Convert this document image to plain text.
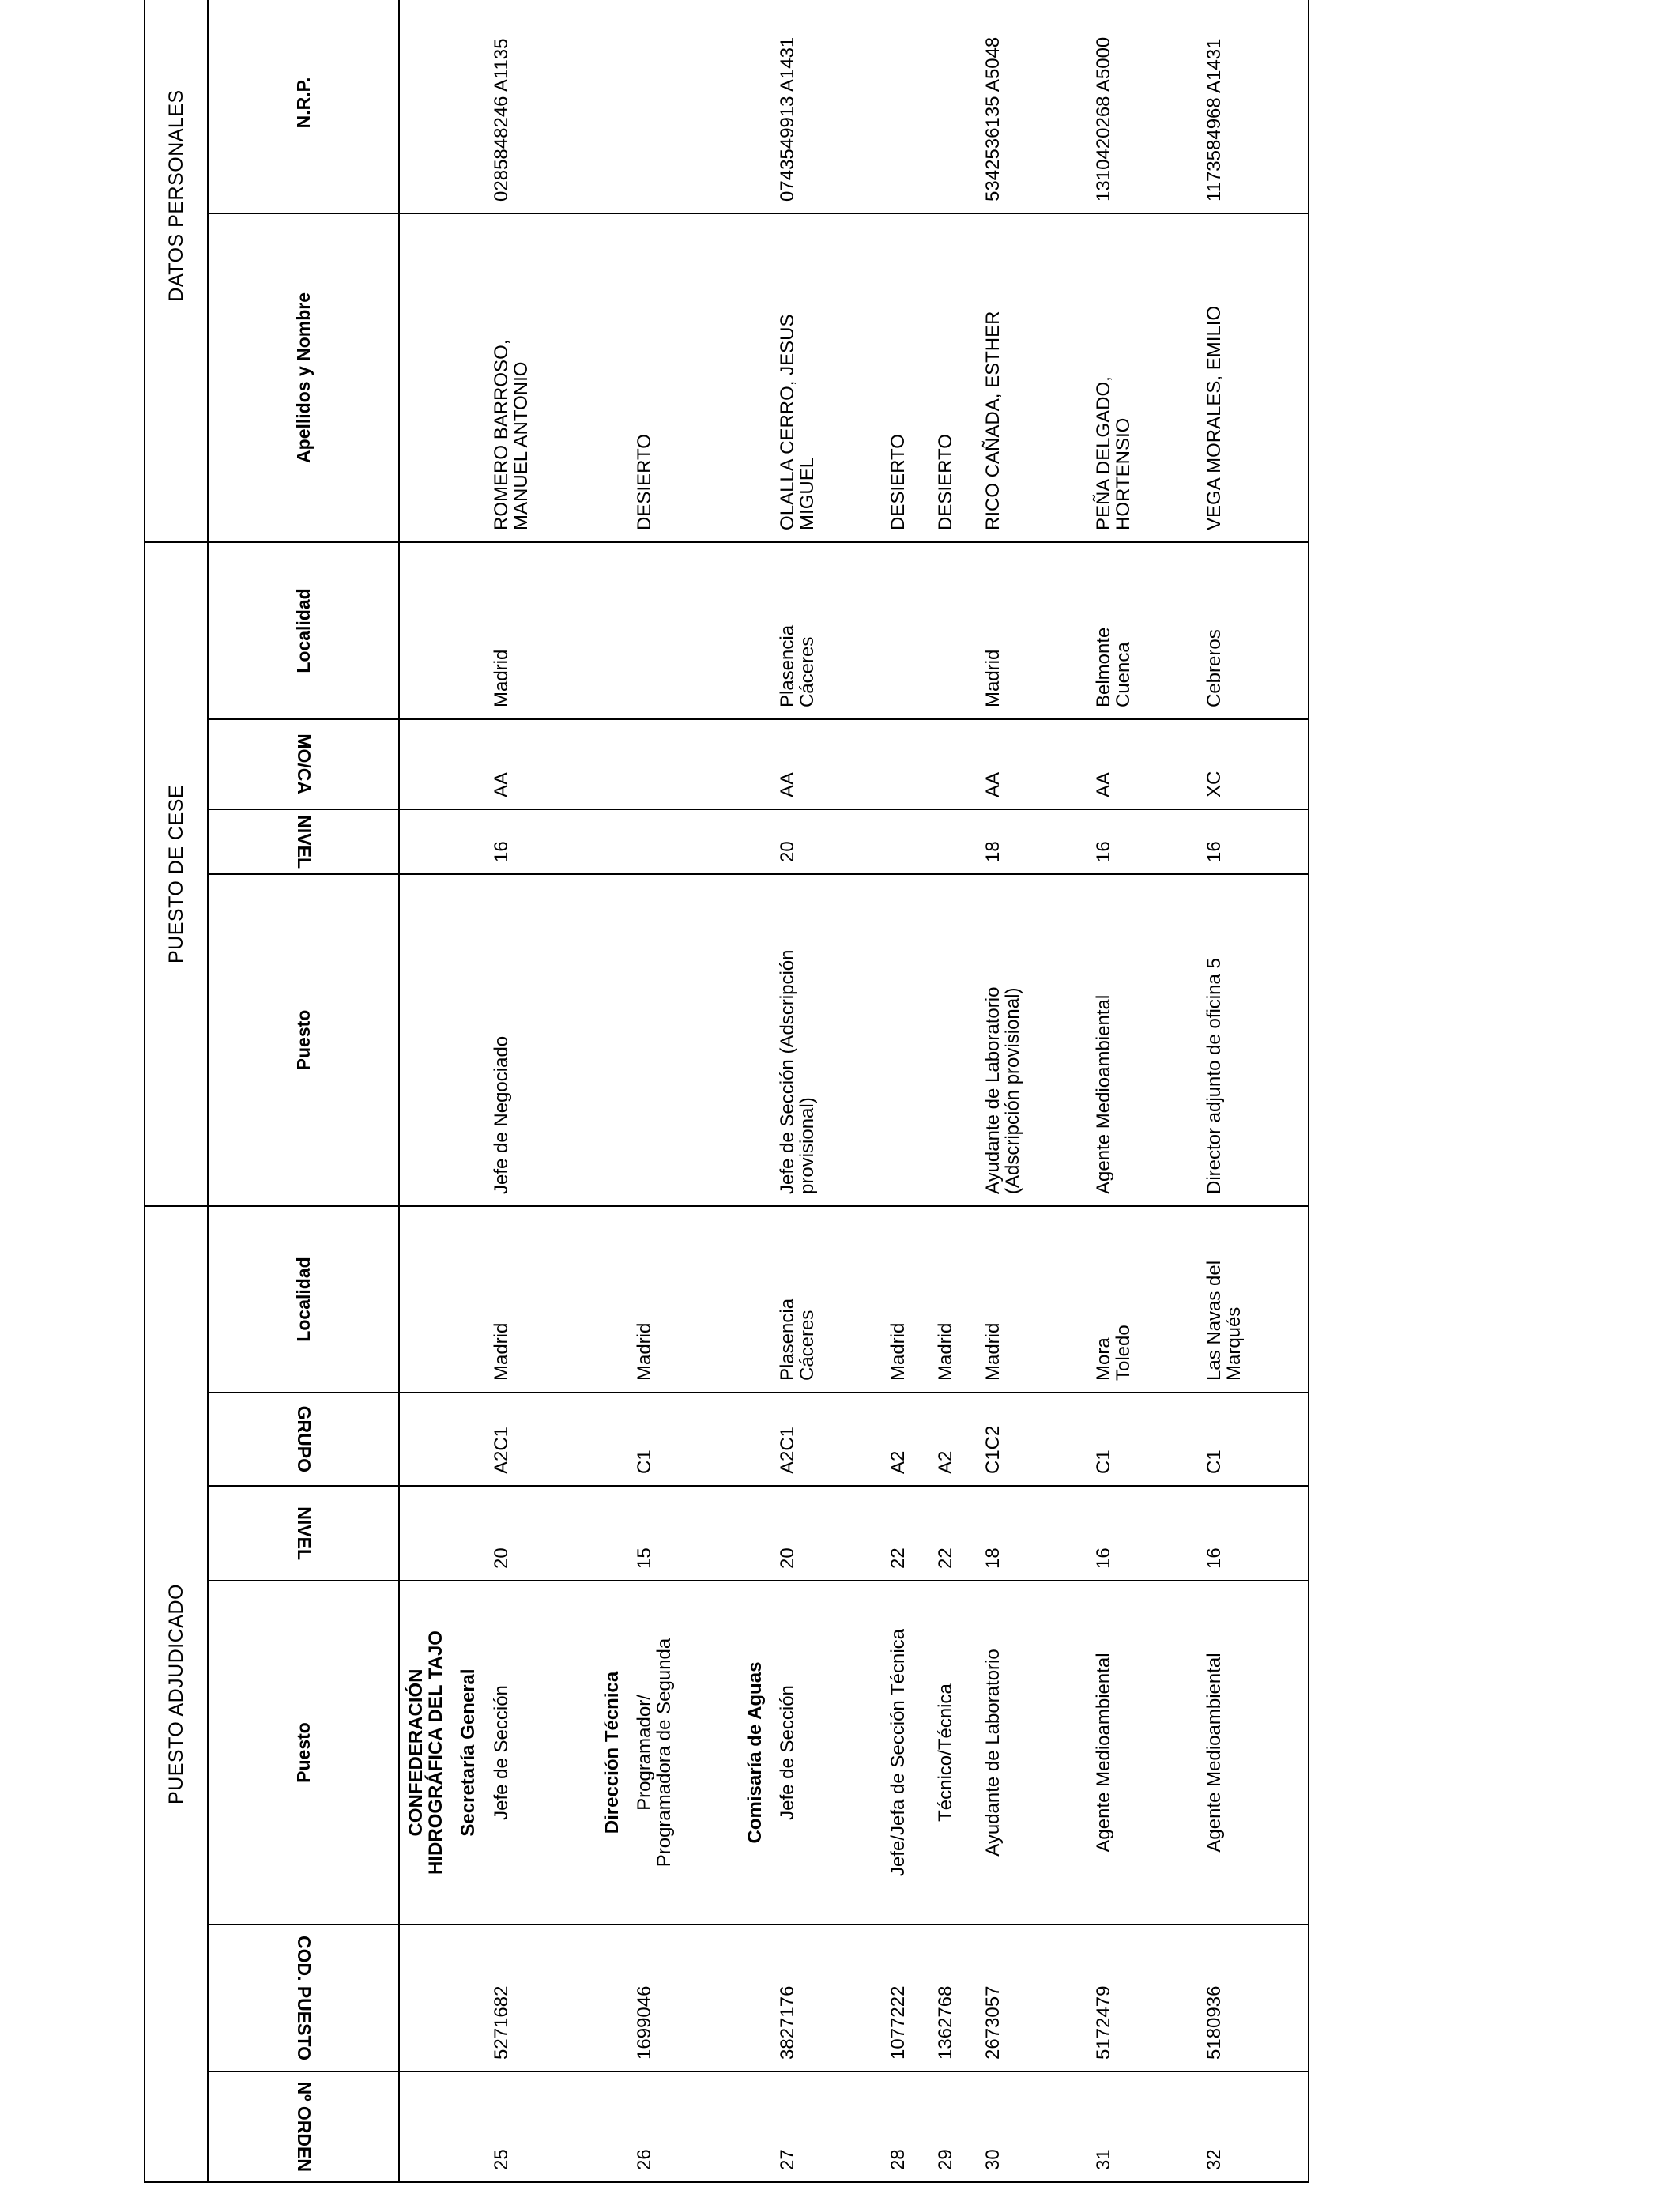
PUESTO ADJUDICADO						PUESTO DE CESE				DATOS PERSONALES			
Nº ORDEN	COD. PUESTO	Puesto	NIVEL	GRUPO	Localidad	Puesto	NIVEL	MO/CA	Localidad	Apellidos y Nombre	N.R.P.		
		CONFEDERACIÓN
HIDROGRÁFICA DEL TAJO											
		Secretaría General											
25	5271682	Jefe de Sección	20	A2C1	Madrid	Jefe de Negociado	16	AA	Madrid	ROMERO BARROSO,
MANUEL ANTONIO	0285848246 A1135		
		Dirección Técnica											
26	1699046	Programador/
Programadora de Segunda	15	C1	Madrid					DESIERTO			
		Comisaría de Aguas											
27	3827176	Jefe de Sección	20	A2C1	Plasencia
Cáceres	Jefe de Sección (Adscripción
provisional)	20	AA	Plasencia
Cáceres	OLALLA CERRO, JESUS
MIGUEL	0743549913 A1431		
28	1077222	Jefe/Jefa de Sección Técnica	22	A2	Madrid					DESIERTO			
29	1362768	Técnico/Técnica	22	A2	Madrid					DESIERTO			
30	2673057	Ayudante de Laboratorio	18	C1C2	Madrid	Ayudante de Laboratorio
(Adscripción provisional)	18	AA	Madrid	RICO CAÑADA, ESTHER	5342536135 A5048		
31	5172479	Agente Medioambiental	16	C1	Mora
Toledo	Agente Medioambiental	16	AA	Belmonte
Cuenca	PEÑA DELGADO,
HORTENSIO	1310420268 A5000		
32	5180936	Agente Medioambiental	16	C1	Las Navas del
Marqués	Director adjunto de oficina 5	16	XC	Cebreros	VEGA MORALES, EMILIO	1173584968 A1431		
